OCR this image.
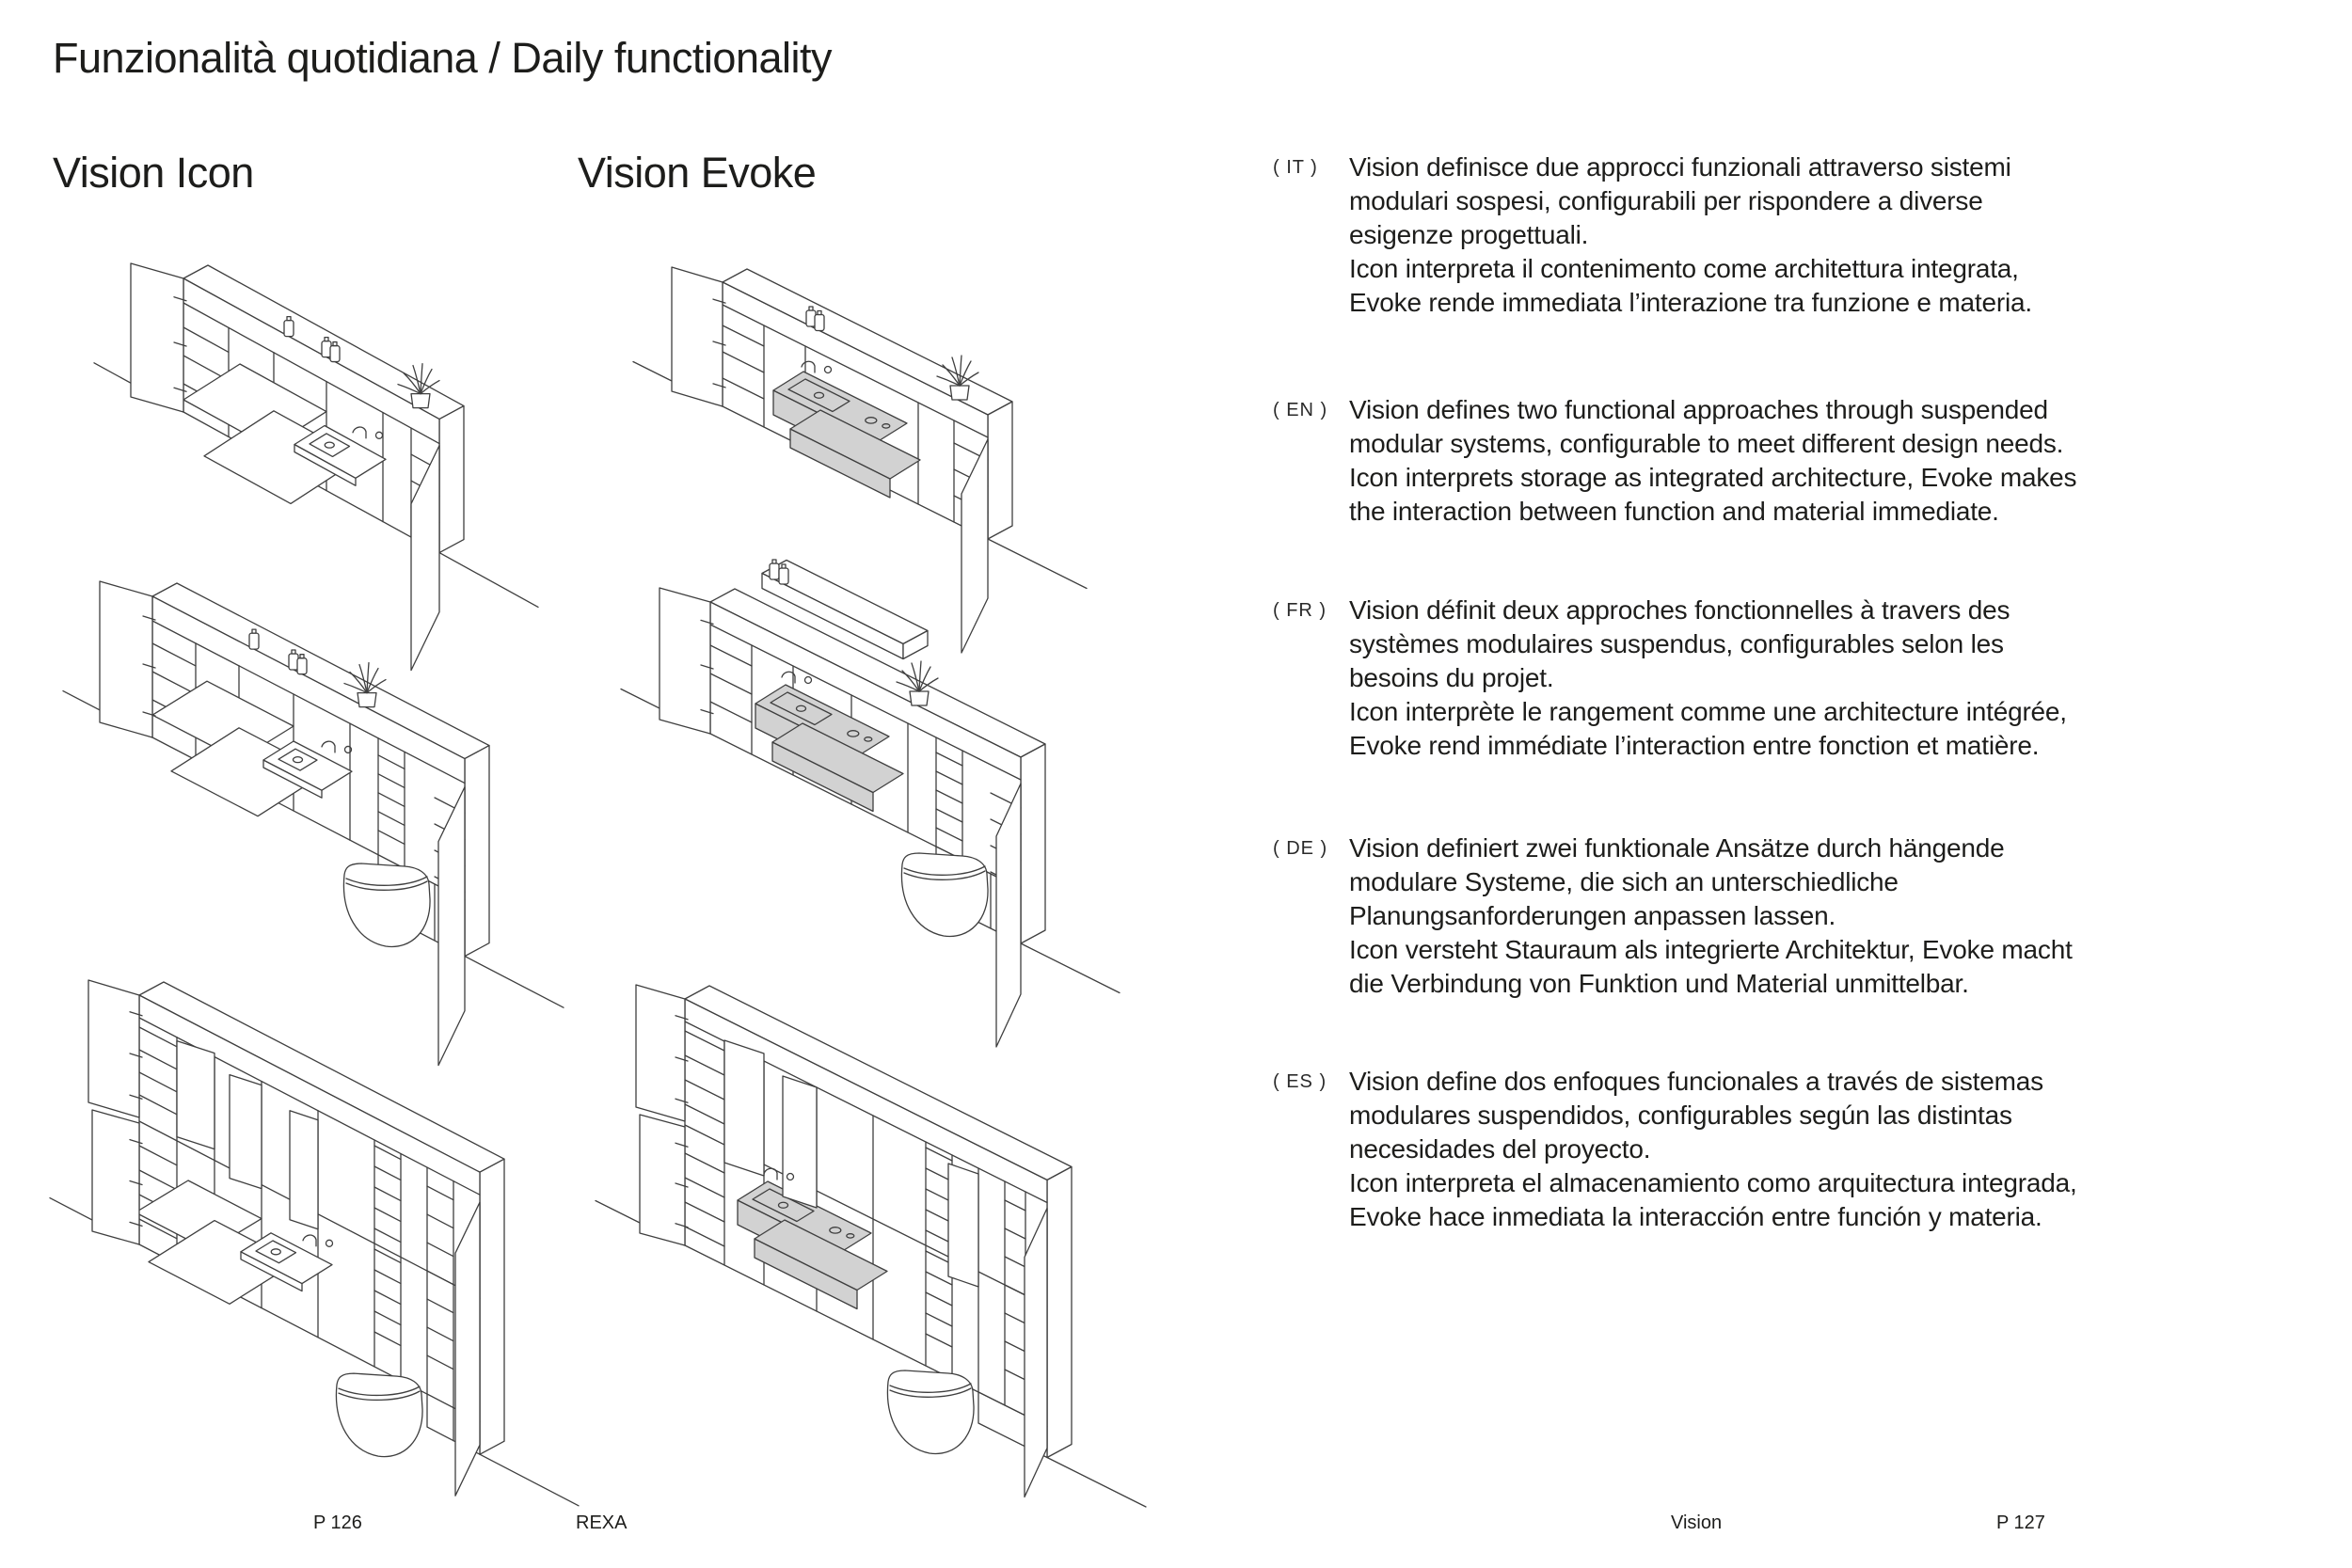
Funzionalità quotidiana / Daily functionality
Vision Icon	Vision Evoke	( IT )	Vision definisce due approcci funzionali attraverso sistemi
modulari sospesi, configurabili per rispondere a diverse
esigenze progettuali.
Icon interpreta il contenimento come architettura integrata,
Evoke rende immediata l’interazione tra funzione e materia.
( EN ) Vision defines two functional approaches through suspended
modular systems, configurable to meet different design needs.
Icon interprets storage as integrated architecture, Evoke makes
the interaction between function and material immediate.
( FR ) Vision définit deux approches fonctionnelles à travers des
systèmes modulaires suspendus, configurables selon les
besoins du projet.
Icon interprète le rangement comme une architecture intégrée,
Evoke rend immédiate l’interaction entre fonction et matière.
( DE ) Vision definiert zwei funktionale Ansätze durch hängende
modulare Systeme, die sich an unterschiedliche
Planungsanforderungen anpassen lassen.
Icon versteht Stauraum als integrierte Architektur, Evoke macht
die Verbindung von Funktion und Material unmittelbar.
( ES ) Vision define dos enfoques funcionales a través de sistemas
modulares suspendidos, configurables según las distintas
necesidades del proyecto.
Icon interpreta el almacenamiento como arquitectura integrada,
Evoke hace inmediata la interacción entre función y materia.
P 126	REXA	Vision	P 127
